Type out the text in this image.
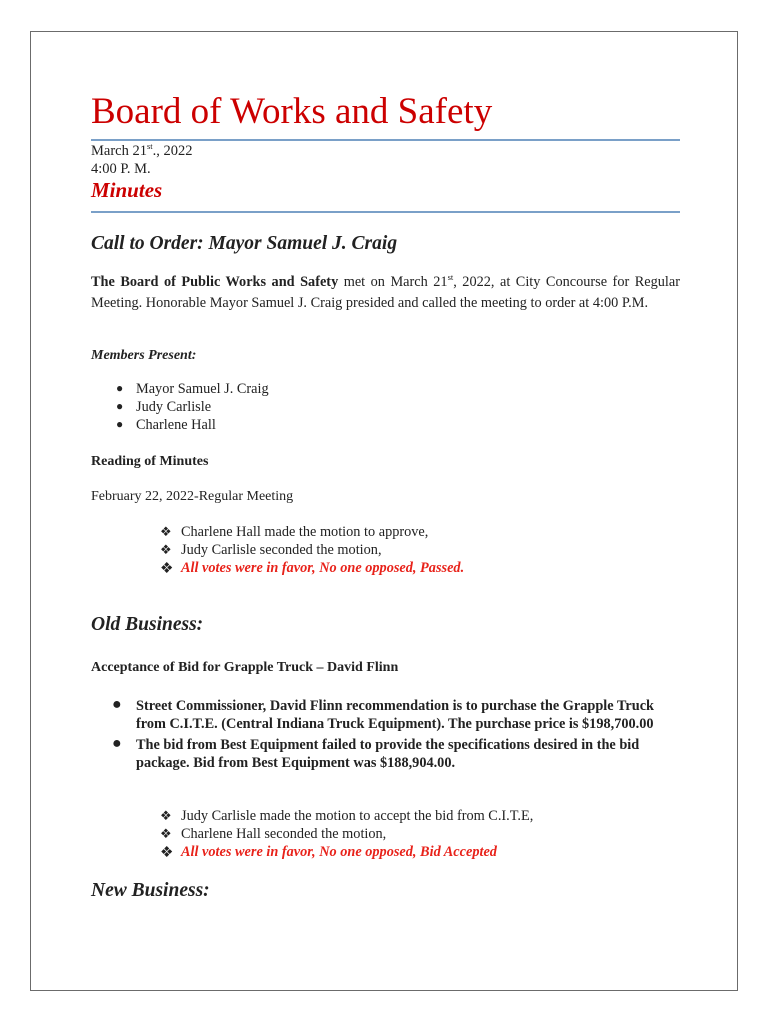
Board of Works and Safety
March 21st., 2022
4:00 P. M.
Minutes
Call to Order: Mayor Samuel J. Craig
The Board of Public Works and Safety met on March 21st, 2022, at City Concourse for Regular Meeting. Honorable Mayor Samuel J. Craig presided and called the meeting to order at 4:00 P.M.
Members Present:
● Mayor Samuel J. Craig
● Judy Carlisle
● Charlene Hall
Reading of Minutes
February 22, 2022-Regular Meeting
❖ Charlene Hall made the motion to approve,
❖ Judy Carlisle seconded the motion,
❖ All votes were in favor, No one opposed, Passed.
Old Business:
Acceptance of Bid for Grapple Truck – David Flinn
● Street Commissioner, David Flinn recommendation is to purchase the Grapple Truck from C.I.T.E. (Central Indiana Truck Equipment). The purchase price is $198,700.00
● The bid from Best Equipment failed to provide the specifications desired in the bid package. Bid from Best Equipment was $188,904.00.
❖ Judy Carlisle made the motion to accept the bid from C.I.T.E,
❖ Charlene Hall seconded the motion,
❖ All votes were in favor, No one opposed, Bid Accepted
New Business:
